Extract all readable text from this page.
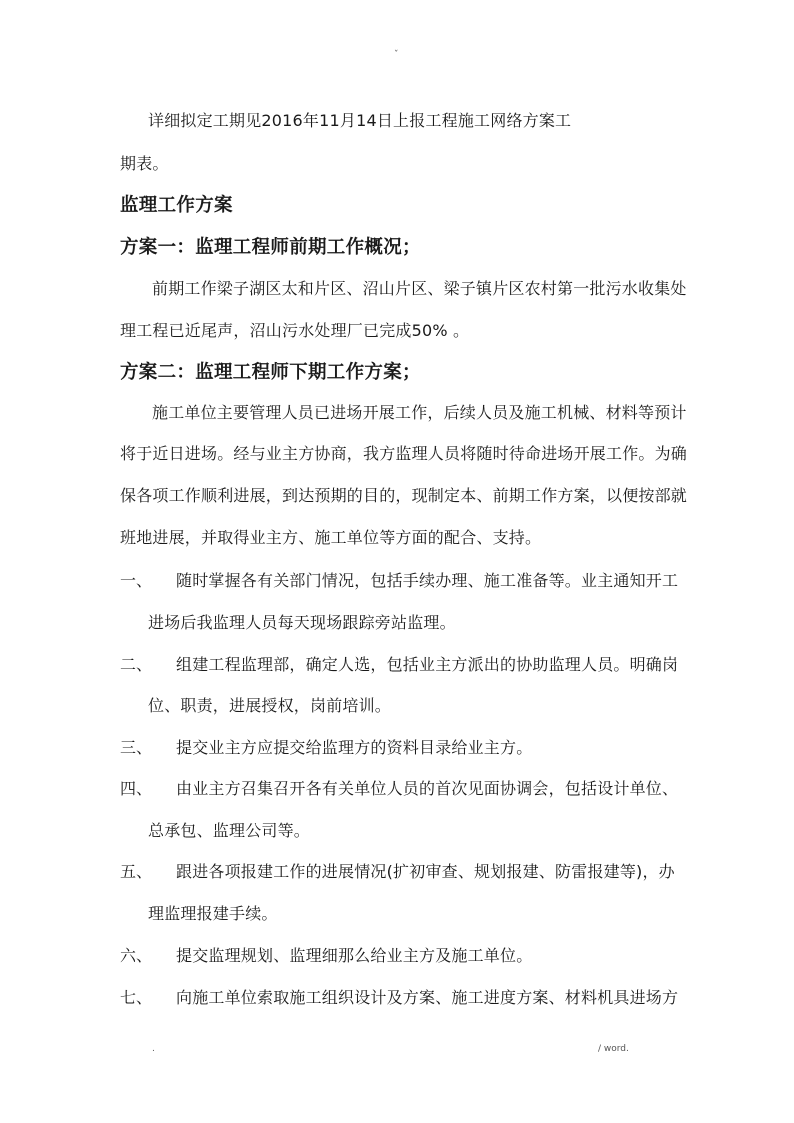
ˇ
详细拟定工期见2016年11月14日上报工程施工网络方案工
期表。
监理工作方案
方案一：监理工程师前期工作概况；
前期工作梁子湖区太和片区、沼山片区、梁子镇片区农村第一批污水收集处
理工程已近尾声，沼山污水处理厂已完成50% 。
方案二：监理工程师下期工作方案；
施工单位主要管理人员已进场开展工作，后续人员及施工机械、材料等预计
将于近日进场。经与业主方协商，我方监理人员将随时待命进场开展工作。为确
保各项工作顺利进展，到达预期的目的，现制定本、前期工作方案，以便按部就
班地进展，并取得业主方、施工单位等方面的配合、支持。
一、 随时掌握各有关部门情况，包括手续办理、施工准备等。业主通知开工
进场后我监理人员每天现场跟踪旁站监理。
二、 组建工程监理部，确定人选，包括业主方派出的协助监理人员。明确岗
位、职责，进展授权，岗前培训。
三、 提交业主方应提交给监理方的资料目录给业主方。
四、 由业主方召集召开各有关单位人员的首次见面协调会，包括设计单位、
总承包、监理公司等。
五、 跟进各项报建工作的进展情况(扩初审查、规划报建、防雷报建等)，办
理监理报建手续。
六、 提交监理规划、监理细那么给业主方及施工单位。
七、 向施工单位索取施工组织设计及方案、施工进度方案、材料机具进场方
.	/ word.
